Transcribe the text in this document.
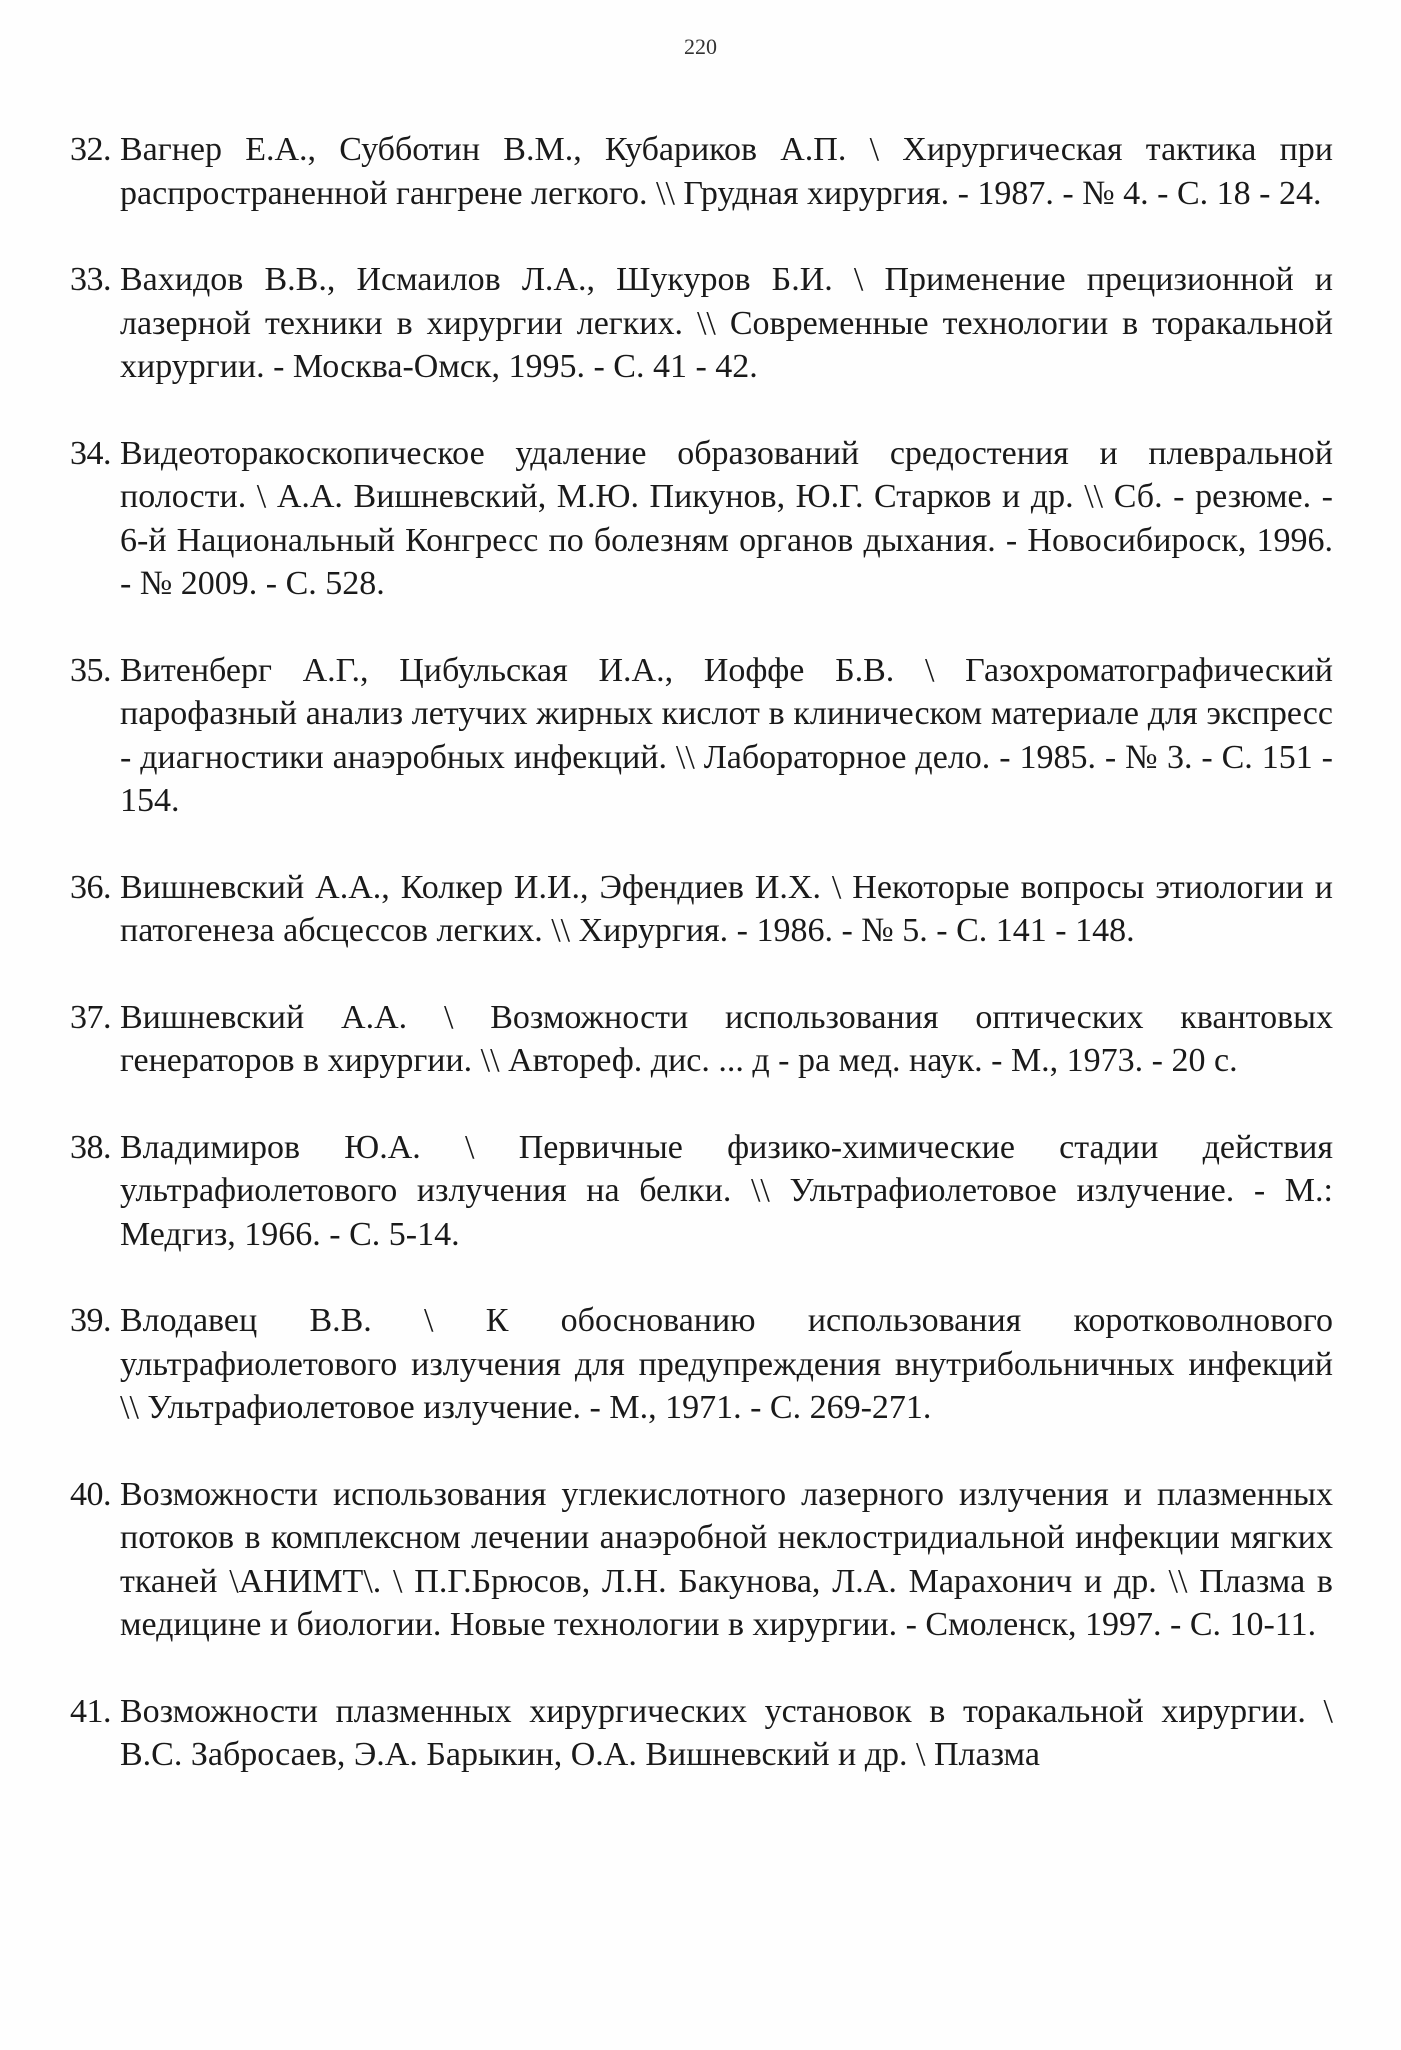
220
32. Вагнер Е.А., Субботин В.М., Кубариков А.П. \ Хирургическая тактика при распространенной гангрене легкого. \\ Грудная хирургия. - 1987. - № 4. - С. 18 - 24.
33. Вахидов В.В., Исмаилов Л.А., Шукуров Б.И. \ Применение прецизионной и лазерной техники в хирургии легких. \\ Современные технологии в торакальной хирургии. - Москва-Омск, 1995. - С. 41 - 42.
34. Видеоторакоскопическое удаление образований средостения и плевральной полости. \ А.А. Вишневский, М.Ю. Пикунов, Ю.Г. Старков и др. \\ Сб. - резюме. - 6-й Национальный Конгресс по болезням органов дыхания. - Новосибироск, 1996. - № 2009. - С. 528.
35. Витенберг А.Г., Цибульская И.А., Иоффе Б.В. \ Газохроматографический парофазный анализ летучих жирных кислот в клиническом материале для экспресс - диагностики анаэробных инфекций. \\ Лабораторное дело. - 1985. - № 3. - С. 151 - 154.
36. Вишневский А.А., Колкер И.И., Эфендиев И.Х. \ Некоторые вопросы этиологии и патогенеза абсцессов легких. \\ Хирургия. - 1986. - № 5. - С. 141 - 148.
37. Вишневский А.А. \ Возможности использования оптических квантовых генераторов в хирургии. \\ Автореф. дис. ... д - ра мед. наук. - М., 1973. - 20 с.
38. Владимиров Ю.А. \ Первичные физико-химические стадии действия ультрафиолетового излучения на белки. \\ Ультрафиолетовое излучение. - М.: Медгиз, 1966. - С. 5-14.
39. Влодавец В.В. \ К обоснованию использования коротковолнового ультрафиолетового излучения для предупреждения внутрибольничных инфекций \\ Ультрафиолетовое излучение. - М., 1971. - С. 269-271.
40. Возможности использования углекислотного лазерного излучения и плазменных потоков в комплексном лечении анаэробной неклостридиальной инфекции мягких тканей \АНИМТ\. \ П.Г.Брюсов, Л.Н. Бакунова, Л.А. Марахонич и др. \\ Плазма в медицине и биологии. Новые технологии в хирургии. - Смоленск, 1997. - С. 10-11.
41. Возможности плазменных хирургических установок в торакальной хирургии. \ В.С. Забросаев, Э.А. Барыкин, О.А. Вишневский и др. \ Плазма
